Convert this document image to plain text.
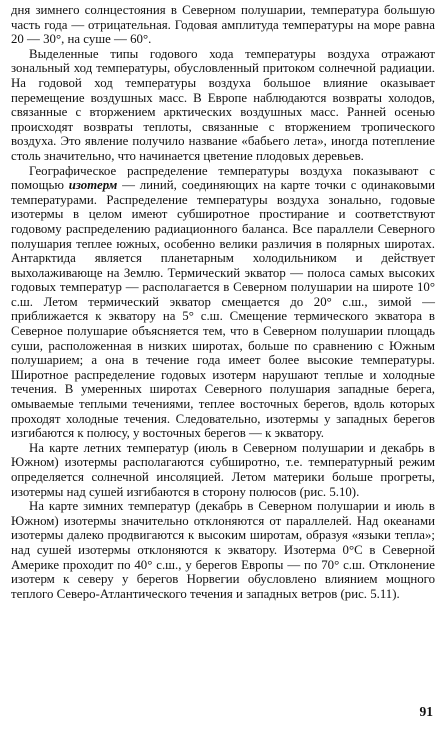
дня зимнего солнцестояния в Северном полушарии, температура большую часть года — отрицательная. Годовая амплитуда температуры на море равна 20 — 30°, на суше — 60°.

Выделенные типы годового хода температуры воздуха отражают зональный ход температуры, обусловленный притоком солнечной радиации. На годовой ход температуры воздуха большое влияние оказывает перемещение воздушных масс. В Европе наблюдаются возвраты холодов, связанные с вторжением арктических воздушных масс. Ранней осенью происходят возвраты теплоты, связанные с вторжением тропического воздуха. Это явление получило название «бабьего лета», иногда потепление столь значительно, что начинается цветение плодовых деревьев.

Географическое распределение температуры воздуха показывают с помощью изотерм — линий, соединяющих на карте точки с одинаковыми температурами. Распределение температуры воздуха зонально, годовые изотермы в целом имеют субширотное простирание и соответствуют годовому распределению радиационного баланса. Все параллели Северного полушария теплее южных, особенно велики различия в полярных широтах. Антарктида является планетарным холодильником и действует выхолаживающе на Землю. Термический экватор — полоса самых высоких годовых температур — располагается в Северном полушарии на широте 10° с.ш. Летом термический экватор смещается до 20° с.ш., зимой — приближается к экватору на 5° с.ш. Смещение термического экватора в Северное полушарие объясняется тем, что в Северном полушарии площадь суши, расположенная в низких широтах, больше по сравнению с Южным полушарием; а она в течение года имеет более высокие температуры. Широтное распределение годовых изотерм нарушают теплые и холодные течения. В умеренных широтах Северного полушария западные берега, омываемые теплыми течениями, теплее восточных берегов, вдоль которых проходят холодные течения. Следовательно, изотермы у западных берегов изгибаются к полюсу, у восточных берегов — к экватору.

На карте летних температур (июль в Северном полушарии и декабрь в Южном) изотермы располагаются субширотно, т.е. температурный режим определяется солнечной инсоляцией. Летом материки больше прогреты, изотермы над сушей изгибаются в сторону полюсов (рис. 5.10).

На карте зимних температур (декабрь в Северном полушарии и июль в Южном) изотермы значительно отклоняются от параллелей. Над океанами изотермы далеко продвигаются к высоким широтам, образуя «языки тепла»; над сушей изотермы отклоняются к экватору. Изотерма 0°C в Северной Америке проходит по 40° с.ш., у берегов Европы — по 70° с.ш. Отклонение изотерм к северу у берегов Норвегии обусловлено влиянием мощного теплого Северо-Атлантического течения и западных ветров (рис. 5.11).

91
